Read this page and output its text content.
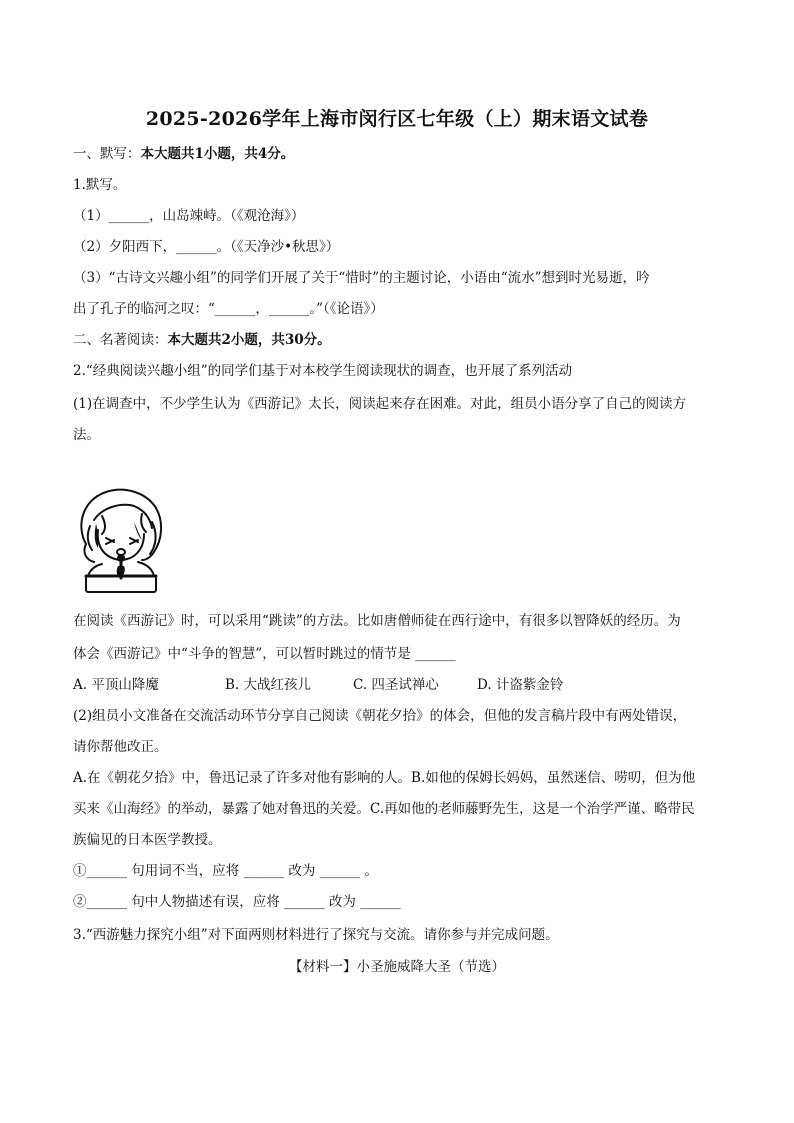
2025-2026学年上海市闵行区七年级（上）期末语文试卷
一、默写：本大题共1小题，共4分。
1.默写。
（1）______，山岛竦峙。（《观沧海》）
（2）夕阳西下，______。（《天净沙•秋思》）
（3）“古诗文兴趣小组”的同学们开展了关于“惜时”的主题讨论，小语由“流水”想到时光易逝，吟
出了孔子的临河之叹：“______，______。”（《论语》）
二、名著阅读：本大题共2小题，共30分。
2.“经典阅读兴趣小组”的同学们基于对本校学生阅读现状的调查，也开展了系列活动
(1)在调查中，不少学生认为《西游记》太长，阅读起来存在困难。对此，组员小语分享了自己的阅读方
法。
在阅读《西游记》时，可以采用“跳读”的方法。比如唐僧师徒在西行途中，有很多以智降妖的经历。为
体会《西游记》中“斗争的智慧”，可以暂时跳过的情节是 ______
A. 平顶山降魔	B. 大战红孩儿	C. 四圣试禅心	D. 计盗紫金铃
(2)组员小文准备在交流活动环节分享自己阅读《朝花夕拾》的体会，但他的发言稿片段中有两处错误，
请你帮他改正。
A.在《朝花夕拾》中，鲁迅记录了许多对他有影响的人。B.如他的保姆长妈妈，虽然迷信、唠叨，但为他
买来《山海经》的举动，暴露了她对鲁迅的关爱。C.再如他的老师藤野先生，这是一个治学严谨、略带民
族偏见的日本医学教授。
①______ 句用词不当，应将 ______ 改为 ______ 。
②______ 句中人物描述有误，应将 ______ 改为 ______
3.“西游魅力探究小组”对下面两则材料进行了探究与交流。请你参与并完成问题。
【材料一】小圣施威降大圣（节选）
